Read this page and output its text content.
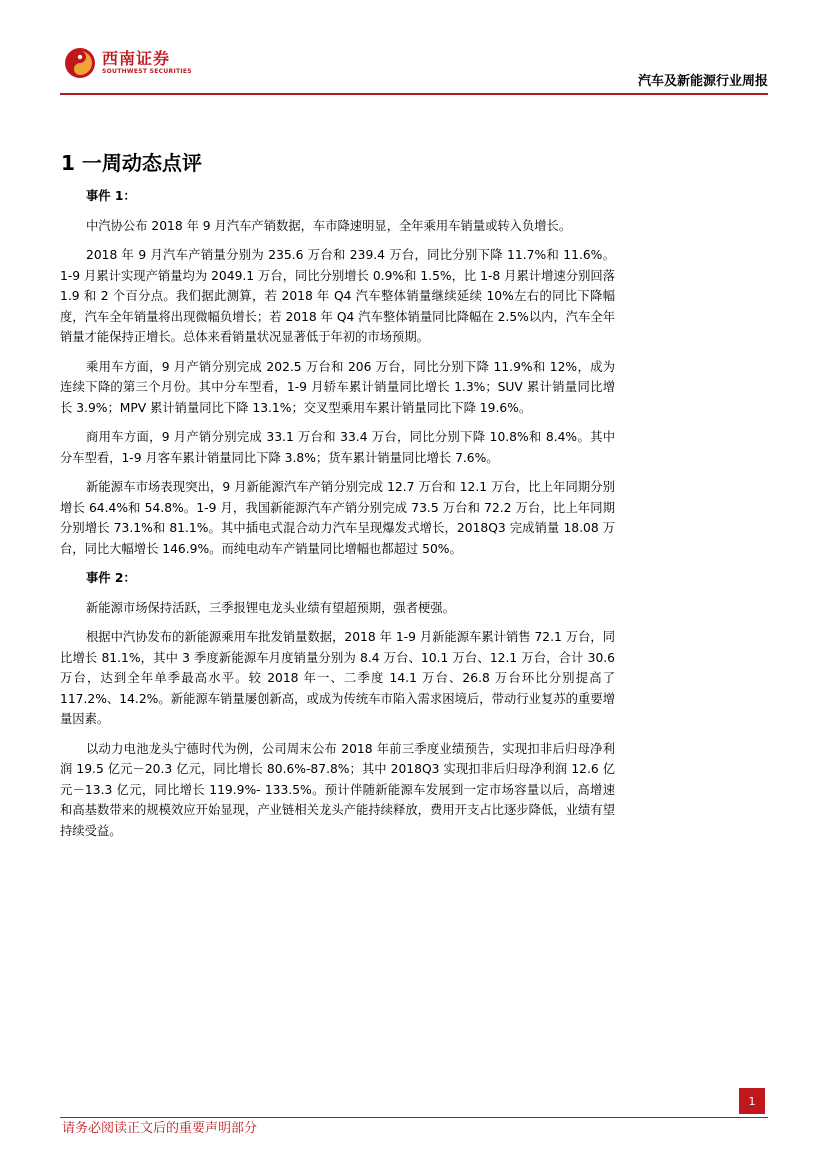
西南证券
SOUTHWEST SECURITIES
汽车及新能源行业周报
1 一周动态点评
事件 1：

中汽协公布 2018 年 9 月汽车产销数据，车市降速明显，全年乘用车销量或转入负增长。

2018 年 9 月汽车产销量分别为 235.6 万台和 239.4 万台，同比分别下降 11.7%和 11.6%。1-9 月累计实现产销量均为 2049.1 万台，同比分别增长 0.9%和 1.5%，比 1-8 月累计增速分别回落 1.9 和 2 个百分点。我们据此测算，若 2018 年 Q4 汽车整体销量继续延续 10%左右的同比下降幅度，汽车全年销量将出现微幅负增长；若 2018 年 Q4 汽车整体销量同比降幅在 2.5%以内，汽车全年销量才能保持正增长。总体来看销量状况显著低于年初的市场预期。

乘用车方面，9 月产销分别完成 202.5 万台和 206 万台，同比分别下降 11.9%和 12%，成为连续下降的第三个月份。其中分车型看，1-9 月轿车累计销量同比增长 1.3%；SUV 累计销量同比增长 3.9%；MPV 累计销量同比下降 13.1%；交叉型乘用车累计销量同比下降 19.6%。

商用车方面，9 月产销分别完成 33.1 万台和 33.4 万台，同比分别下降 10.8%和 8.4%。其中分车型看，1-9 月客车累计销量同比下降 3.8%；货车累计销量同比增长 7.6%。

新能源车市场表现突出，9 月新能源汽车产销分别完成 12.7 万台和 12.1 万台，比上年同期分别增长 64.4%和 54.8%。1-9 月，我国新能源汽车产销分别完成 73.5 万台和 72.2 万台，比上年同期分别增长 73.1%和 81.1%。其中插电式混合动力汽车呈现爆发式增长，2018Q3 完成销量 18.08 万台，同比大幅增长 146.9%。而纯电动车产销量同比增幅也都超过 50%。

事件 2：

新能源市场保持活跃，三季报锂电龙头业绩有望超预期，强者梗强。

根据中汽协发布的新能源乘用车批发销量数据，2018 年 1-9 月新能源车累计销售 72.1 万台，同比增长 81.1%，其中 3 季度新能源车月度销量分别为 8.4 万台、10.1 万台、12.1 万台，合计 30.6 万台，达到全年单季最高水平。较 2018 年一、二季度 14.1 万台、26.8 万台环比分别提高了 117.2%、14.2%。新能源车销量屡创新高，或成为传统车市陷入需求困境后，带动行业复苏的重要增量因素。

以动力电池龙头宁德时代为例，公司周末公布 2018 年前三季度业绩预告，实现扣非后归母净利润 19.5 亿元－20.3 亿元，同比增长 80.6%-87.8%；其中 2018Q3 实现扣非后归母净利润 12.6 亿元－13.3 亿元，同比增长 119.9%- 133.5%。预计伴随新能源车发展到一定市场容量以后，高增速和高基数带来的规模效应开始显现，产业链相关龙头产能持续释放，费用开支占比逐步降低，业绩有望持续受益。

1
请务必阅读正文后的重要声明部分
